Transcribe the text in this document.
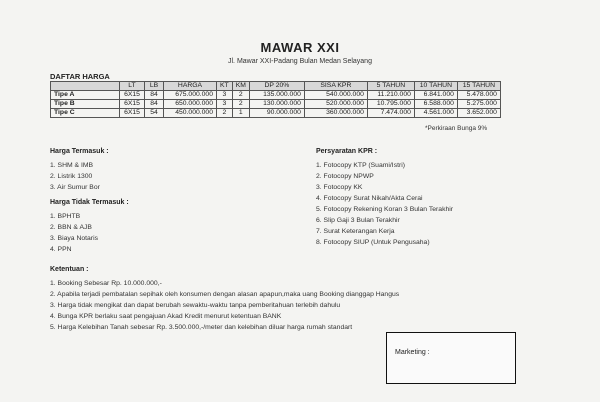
MAWAR XXI
Jl. Mawar XXI-Padang Bulan Medan Selayang
DAFTAR HARGA
	LT	LB	HARGA	KT	KM	DP 20%	SISA KPR	5 TAHUN	10 TAHUN	15 TAHUN
Tipe A	6X15	84	675.000.000	3	2	135.000.000	540.000.000	11.210.000	6.841.000	5.478.000
Tipe B	6X15	84	650.000.000	3	2	130.000.000	520.000.000	10.795.000	6.588.000	5.275.000
Tipe C	6X15	54	450.000.000	2	1	90.000.000	360.000.000	7.474.000	4.561.000	3.652.000
*Perkiraan Bunga 9%
Harga Termasuk :
1. SHM & IMB
2. Listrik 1300
3. Air Sumur Bor
Harga Tidak Termasuk :
1. BPHTB
2. BBN & AJB
3. Biaya Notaris
4. PPN
Persyaratan KPR :
1. Fotocopy KTP (Suami/Istri)
2. Fotocopy NPWP
3. Fotocopy KK
4. Fotocopy Surat Nikah/Akta Cerai
5. Fotocopy Rekening Koran 3 Bulan Terakhir
6. Slip Gaji 3 Bulan Terakhir
7. Surat Keterangan Kerja
8. Fotocopy SIUP (Untuk Pengusaha)
Ketentuan :
1. Booking Sebesar Rp. 10.000.000,-
2. Apabila terjadi pembatalan sepihak oleh konsumen dengan alasan apapun,maka uang Booking dianggap Hangus
3. Harga tidak mengikat dan dapat berubah sewaktu-waktu tanpa pemberitahuan terlebih dahulu
4. Bunga KPR berlaku saat pengajuan Akad Kredit menurut ketentuan BANK
5. Harga Kelebihan Tanah sebesar Rp. 3.500.000,-/meter dan kelebihan diluar harga rumah standart
Marketing :
